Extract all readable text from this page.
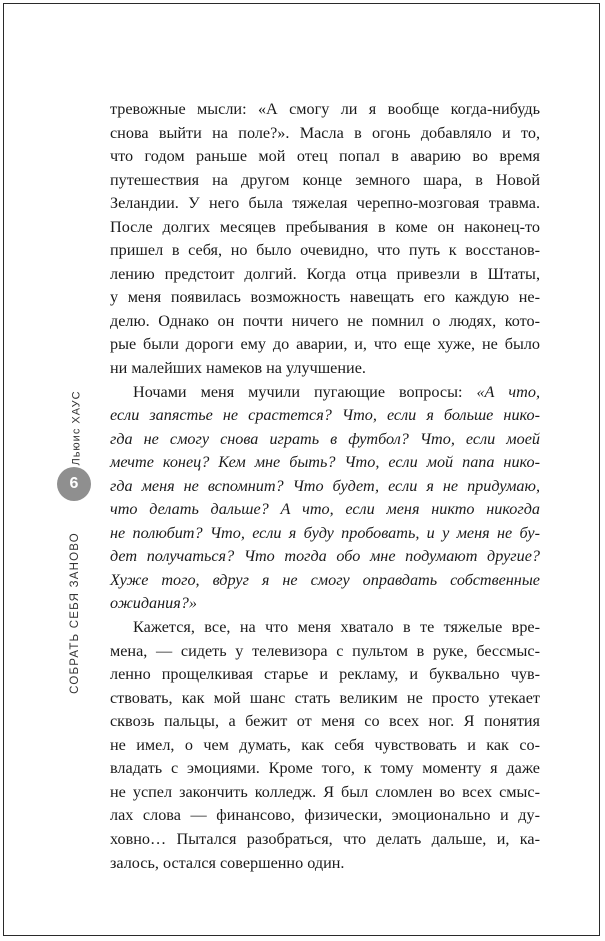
Льюис ХАУС
6
СОБРАТЬ СЕБЯ ЗАНОВО
тревожные мысли: «А смогу ли я вообще когда-нибудь
снова выйти на поле?». Масла в огонь добавляло и то,
что годом раньше мой отец попал в аварию во время
путешествия на другом конце земного шара, в Новой
Зеландии. У него была тяжелая черепно-мозговая травма.
После долгих месяцев пребывания в коме он наконец-то
пришел в себя, но было очевидно, что путь к восстанов-
лению предстоит долгий. Когда отца привезли в Штаты,
у меня появилась возможность навещать его каждую не-
делю. Однако он почти ничего не помнил о людях, кото-
рые были дороги ему до аварии, и, что еще хуже, не было
ни малейших намеков на улучшение.
Ночами меня мучили пугающие вопросы: «А что,
если запястье не срастется? Что, если я больше нико-
гда не смогу снова играть в футбол? Что, если моей
мечте конец? Кем мне быть? Что, если мой папа нико-
гда меня не вспомнит? Что будет, если я не придумаю,
что делать дальше? А что, если меня никто никогда
не полюбит? Что, если я буду пробовать, и у меня не бу-
дет получаться? Что тогда обо мне подумают другие?
Хуже того, вдруг я не смогу оправдать собственные
ожидания?»
Кажется, все, на что меня хватало в те тяжелые вре-
мена, — сидеть у телевизора с пультом в руке, бессмыс-
ленно прощелкивая старье и рекламу, и буквально чув-
ствовать, как мой шанс стать великим не просто утекает
сквозь пальцы, а бежит от меня со всех ног. Я понятия
не имел, о чем думать, как себя чувствовать и как со-
владать с эмоциями. Кроме того, к тому моменту я даже
не успел закончить колледж. Я был сломлен во всех смыс-
лах слова — финансово, физически, эмоционально и ду-
ховно… Пытался разобраться, что делать дальше, и, ка-
залось, остался совершенно один.
